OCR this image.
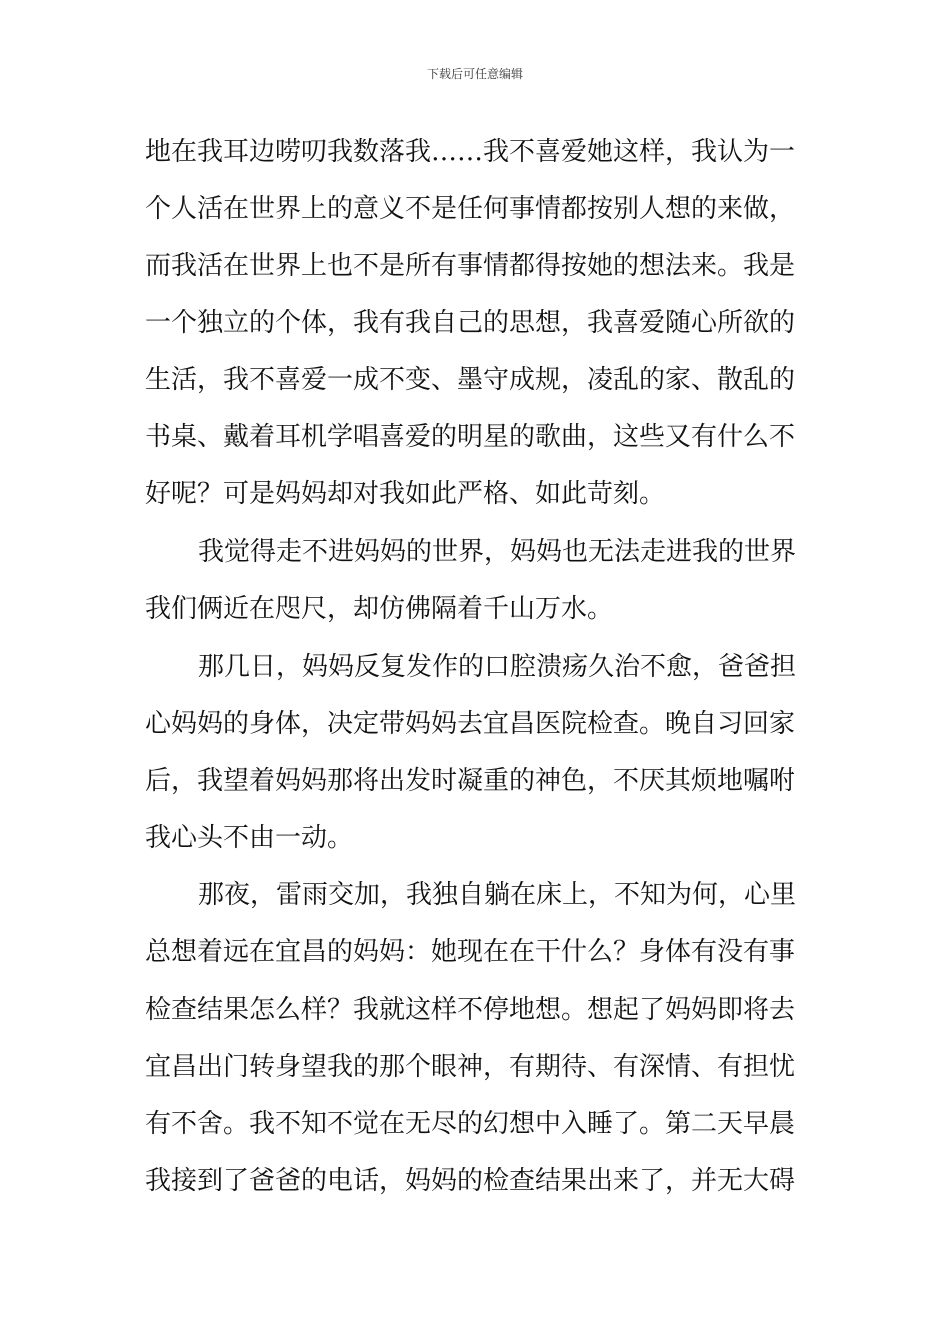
下载后可任意编辑
地在我耳边唠叨我数落我……我不喜爱她这样，我认为一
个人活在世界上的意义不是任何事情都按别人想的来做，
而我活在世界上也不是所有事情都得按她的想法来。我是
一个独立的个体，我有我自己的思想，我喜爱随心所欲的
生活，我不喜爱一成不变、墨守成规，凌乱的家、散乱的
书桌、戴着耳机学唱喜爱的明星的歌曲，这些又有什么不
好呢？可是妈妈却对我如此严格、如此苛刻。
我觉得走不进妈妈的世界，妈妈也无法走进我的世界
我们俩近在咫尺，却仿佛隔着千山万水。
那几日，妈妈反复发作的口腔溃疡久治不愈，爸爸担
心妈妈的身体，决定带妈妈去宜昌医院检查。晚自习回家
后，我望着妈妈那将出发时凝重的神色，不厌其烦地嘱咐
我心头不由一动。
那夜，雷雨交加，我独自躺在床上，不知为何，心里
总想着远在宜昌的妈妈：她现在在干什么？身体有没有事
检查结果怎么样？我就这样不停地想。想起了妈妈即将去
宜昌出门转身望我的那个眼神，有期待、有深情、有担忧
有不舍。我不知不觉在无尽的幻想中入睡了。第二天早晨
我接到了爸爸的电话，妈妈的检查结果出来了，并无大碍
